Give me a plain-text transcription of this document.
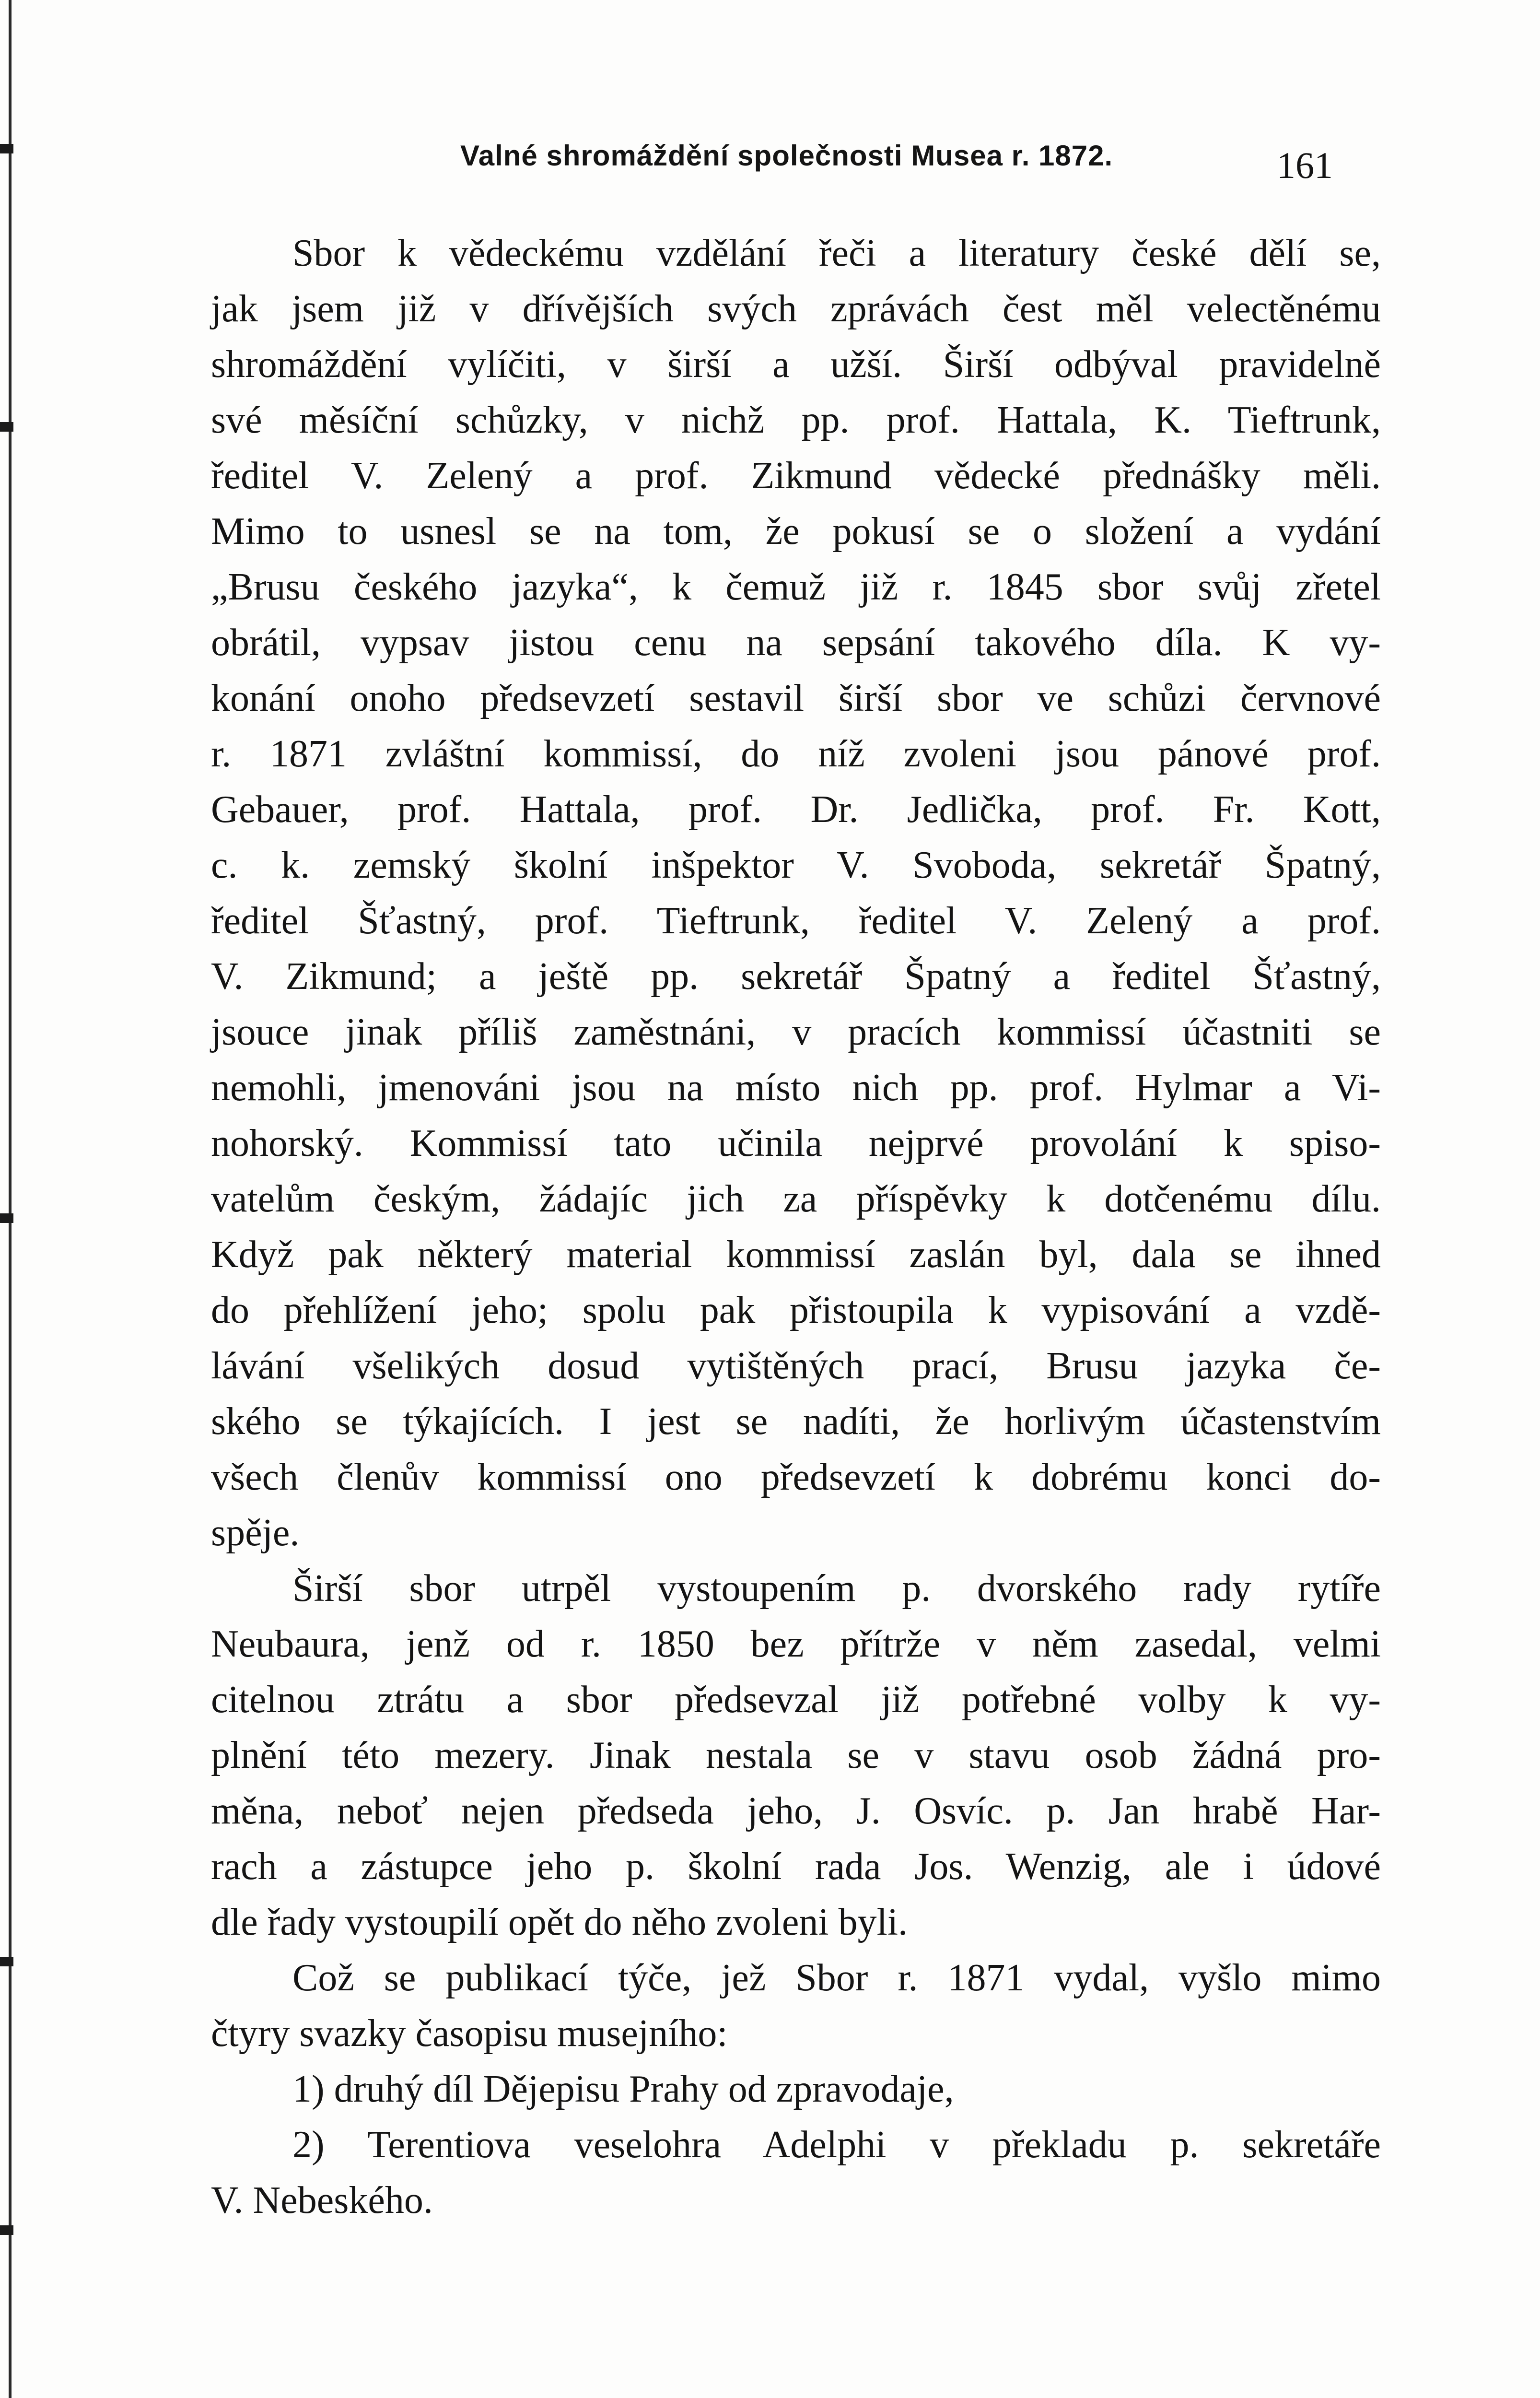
Valné shromáždění společnosti Musea r. 1872.	161
Sbor k vědeckému vzdělání řeči a literatury české dělí se,
jak jsem již v dřívějších svých zprávách čest měl velectěnému
shromáždění vylíčiti, v širší a užší. Širší odbýval pravidelně
své měsíční schůzky, v nichž pp. prof. Hattala, K. Tieftrunk,
ředitel V. Zelený a prof. Zikmund vědecké přednášky měli.
Mimo to usnesl se na tom, že pokusí se o složení a vydání
„Brusu českého jazyka“, k čemuž již r. 1845 sbor svůj zřetel
obrátil, vypsav jistou cenu na sepsání takového díla. K vy-
konání onoho předsevzetí sestavil širší sbor ve schůzi červnové
r. 1871 zvláštní kommissí, do níž zvoleni jsou pánové prof.
Gebauer, prof. Hattala, prof. Dr. Jedlička, prof. Fr. Kott,
c. k. zemský školní inšpektor V. Svoboda, sekretář Špatný,
ředitel Šťastný, prof. Tieftrunk, ředitel V. Zelený a prof.
V. Zikmund; a ještě pp. sekretář Špatný a ředitel Šťastný,
jsouce jinak příliš zaměstnáni, v pracích kommissí účastniti se
nemohli, jmenováni jsou na místo nich pp. prof. Hylmar a Vi-
nohorský. Kommissí tato učinila nejprvé provolání k spiso-
vatelům českým, žádajíc jich za příspěvky k dotčenému dílu.
Když pak některý material kommissí zaslán byl, dala se ihned
do přehlížení jeho; spolu pak přistoupila k vypisování a vzdě-
lávání všelikých dosud vytištěných prací, Brusu jazyka če-
ského se týkajících. I jest se nadíti, že horlivým účastenstvím
všech členův kommissí ono předsevzetí k dobrému konci do-
spěje.
Širší sbor utrpěl vystoupením p. dvorského rady rytíře
Neubaura, jenž od r. 1850 bez přítrže v něm zasedal, velmi
citelnou ztrátu a sbor předsevzal již potřebné volby k vy-
plnění této mezery. Jinak nestala se v stavu osob žádná pro-
měna, neboť nejen předseda jeho, J. Osvíc. p. Jan hrabě Har-
rach a zástupce jeho p. školní rada Jos. Wenzig, ale i údové
dle řady vystoupilí opět do něho zvoleni byli.
Což se publikací týče, jež Sbor r. 1871 vydal, vyšlo mimo
čtyry svazky časopisu musejního:
1) druhý díl Dějepisu Prahy od zpravodaje,
2) Terentiova veselohra Adelphi v překladu p. sekretáře
V. Nebeského.
